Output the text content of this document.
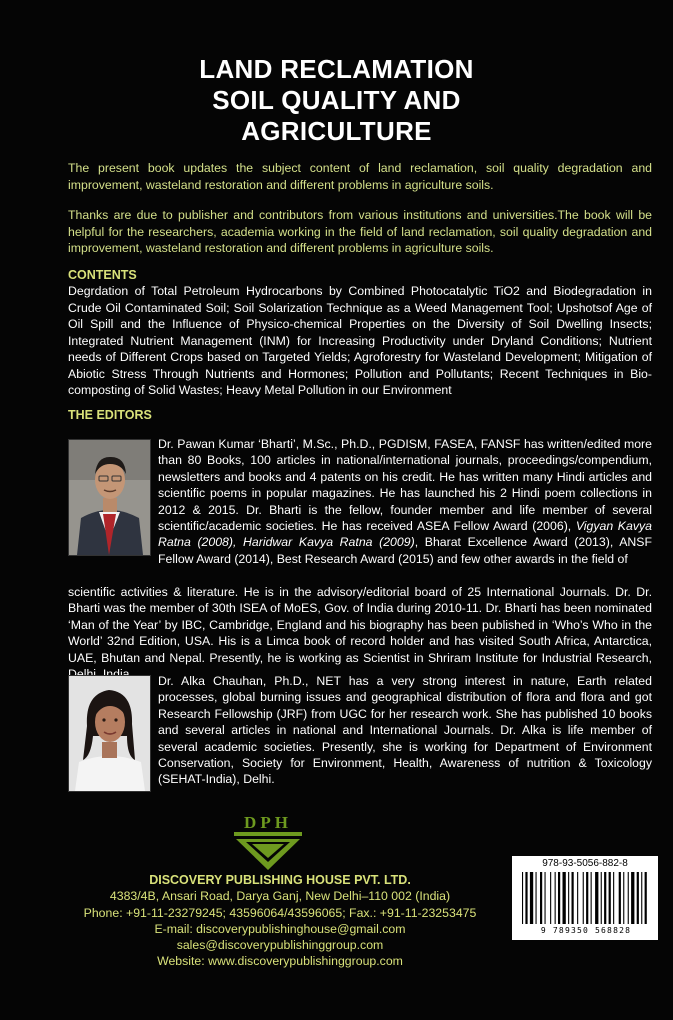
LAND RECLAMATION
SOIL QUALITY AND
AGRICULTURE
The present book updates the subject content of land reclamation, soil quality degradation and improvement, wasteland restoration and different problems in agriculture soils.
Thanks are due to publisher and contributors from various institutions and universities.The book will be helpful for the researchers, academia working in the field of land reclamation, soil quality degradation and improvement, wasteland restoration and different problems in agriculture soils.
CONTENTS
Degrdation of Total Petroleum Hydrocarbons by Combined Photocatalytic TiO2 and Biodegradation in Crude Oil Contaminated Soil; Soil Solarization Technique as a Weed Management Tool; Upshotsof Age of Oil Spill and the Influence of Physico-chemical Properties on the Diversity of Soil Dwelling Insects; Integrated Nutrient Management (INM) for Increasing Productivity under Dryland Conditions; Nutrient needs of Different Crops based on Targeted Yields; Agroforestry for Wasteland Development; Mitigation of Abiotic Stress Through Nutrients and Hormones; Pollution and Pollutants; Recent Techniques in Bio-composting of Solid Wastes; Heavy Metal Pollution in our Environment
THE EDITORS
Dr. Pawan Kumar ‘Bharti’, M.Sc., Ph.D., PGDISM, FASEA, FANSF has written/edited more than 80 Books, 100 articles in national/international journals, proceedings/compendium, newsletters and books and 4 patents on his credit. He has written many Hindi articles and scientific poems in popular magazines. He has launched his 2 Hindi poem collections in 2012 & 2015. Dr. Bharti is the fellow, founder member and life member of several scientific/academic societies. He has received ASEA Fellow Award (2006), Vigyan Kavya Ratna (2008), Haridwar Kavya Ratna (2009), Bharat Excellence Award (2013), ANSF Fellow Award (2014), Best Research Award (2015) and few other awards in the field of
scientific activities & literature. He is in the advisory/editorial board of 25 International Journals. Dr. Dr. Bharti was the member of 30th ISEA of MoES, Gov. of India during 2010-11. Dr. Bharti has been nominated ‘Man of the Year’ by IBC, Cambridge, England and his biography has been published in ‘Who’s Who in the World’ 32nd Edition, USA. His is a Limca book of record holder and has visited South Africa, Antarctica, UAE, Bhutan and Nepal. Presently, he is working as Scientist in Shriram Institute for Industrial Research,
Dr. Alka Chauhan, Ph.D., NET has a very strong interest in nature, Earth related processes, global burning issues and geographical distribution of flora and flora and got Research Fellowship (JRF) from UGC for her research work. She has published 10 books and several articles in national and International Journals. Dr. Alka is life member of several academic societies. Presently, she is working for Department of Environment Conservation, Society for Environment, Health, Awareness of nutrition & Toxicology (SEHAT-India), Delhi.
DPH
DISCOVERY PUBLISHING HOUSE PVT. LTD.
4383/4B, Ansari Road, Darya Ganj, New Delhi–110 002 (India)
Phone: +91-11-23279245; 43596064/43596065; Fax.: +91-11-23253475
E-mail: discoverypublishinghouse@gmail.com
sales@discoverypublishinggroup.com
Website: www.discoverypublishinggroup.com
978-93-5056-882-8
9 789350 568828
